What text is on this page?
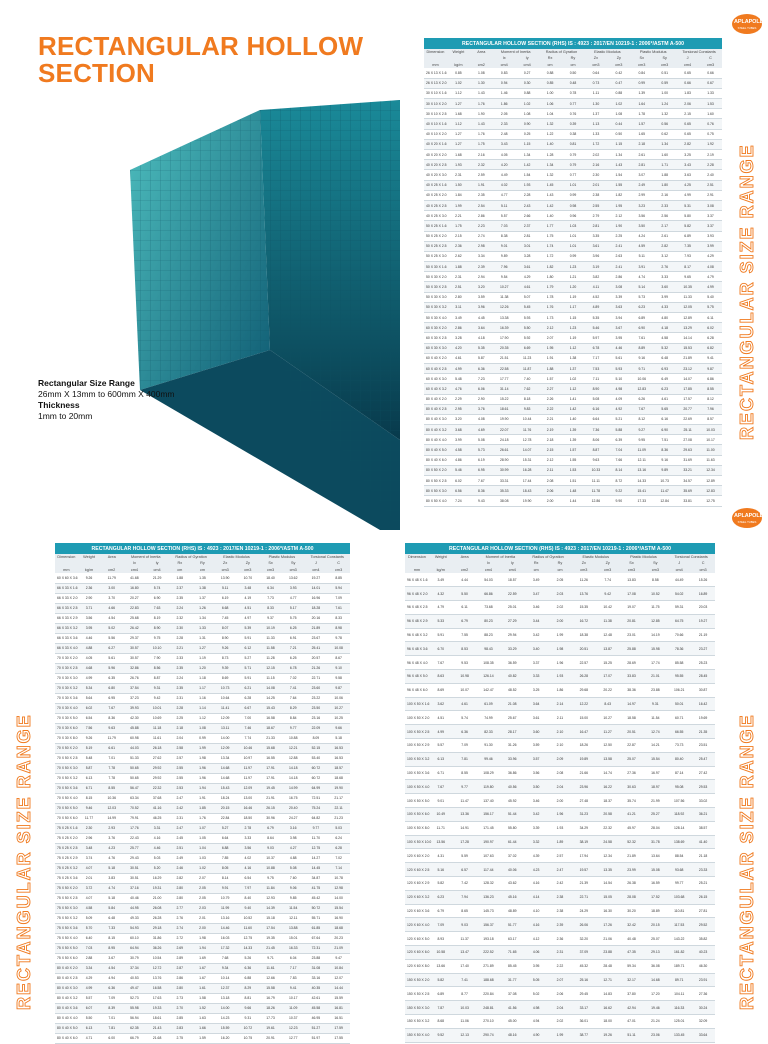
RECTANGULAR HOLLOW
SECTION
Rectangular Size Range
26mm X 13mm to 600mm X 400mm
Thickness
1mm to 20mm
APLAPOLLO
STEEL TUBES
APLAPOLLO
STEEL TUBES
RECTANGULAR SIZE RANGE
RECTANGULAR SIZE RANGE	RECTANGULAR SIZE RANGE
RECTANGULAR HOLLOW SECTION (RHS) IS : 4923 : 2017/EN 10219-1 : 2006*/ASTM A-500												
Dimension	Weight	Area	Moment of Inertia		Radius of Gyration		Elastic Modulus		Plastic Modulus		Torsional Constants	
			Ix	Iy	Rx	Ry	Zx	Zy	Sx	Sy	J	C
mm	kg/m	cm2	cm4	cm4	cm	cm	cm3	cm3	cm3	cm3	cm4	cm3
26 X 13 X 1.6	0.85	1.08	0.83	0.27	0.88	0.50	0.64	0.42	0.84	0.51	0.65	0.66
26 X 13 X 2.0	1.02	1.30	0.94	0.30	0.85	0.48	0.73	0.47	0.99	0.59	0.66	0.67
30 X 10 X 1.6	1.12	1.43	1.46	0.88	1.00	0.78	1.11	0.88	1.39	1.00	1.83	1.33
30 X 10 X 2.0	1.27	1.76	1.86	1.02	1.06	0.77	1.30	1.02	1.64	1.24	2.06	1.53
30 X 10 X 2.5	1.68	1.90	2.05	1.08	1.04	0.76	1.37	1.08	1.78	1.32	2.15	1.60
40 X 10 X 1.6	1.12	1.43	2.33	0.90	1.32	0.39	1.13	0.44	1.57	0.56	0.65	0.76
40 X 10 X 2.0	1.27	1.76	2.48	0.25	1.22	0.38	1.33	0.50	1.65	0.62	0.65	0.75
40 X 20 X 1.6	1.27	1.75	3.43	1.15	1.40	0.81	1.72	1.15	2.18	1.34	2.82	1.92
40 X 20 X 2.0	1.68	2.16	4.05	1.34	1.28	0.79	2.02	1.34	2.61	1.60	3.25	2.19
40 X 20 X 2.5	1.93	2.32	4.20	1.42	1.34	0.79	2.16	1.43	2.81	1.71	3.43	2.28
40 X 20 X 3.0	2.31	2.59	4.49	1.54	1.32	0.77	2.30	1.54	3.07	1.88	3.63	2.40
40 X 25 X 1.6	1.50	1.91	4.02	1.93	1.45	1.01	2.01	1.55	2.49	1.80	4.25	2.51
40 X 25 X 2.0	1.84	2.35	4.77	2.28	1.43	0.99	2.38	1.82	2.99	2.16	4.99	2.91
40 X 25 X 2.5	1.99	2.54	5.11	2.43	1.42	0.98	2.55	1.95	3.23	2.33	5.31	3.08
40 X 25 X 3.0	2.21	2.86	5.57	2.66	1.40	0.96	2.79	2.12	3.56	2.56	5.80	3.37
50 X 25 X 1.6	1.75	2.23	7.03	2.37	1.77	1.03	2.81	1.90	3.50	2.17	5.82	3.37
50 X 25 X 2.0	2.15	2.74	8.38	2.81	1.75	1.01	3.35	2.25	4.24	2.61	6.89	3.93
50 X 25 X 2.5	2.36	2.98	9.01	3.01	1.74	1.01	3.61	2.41	4.59	2.82	7.35	3.99
50 X 25 X 3.0	2.62	3.34	9.89	3.28	1.72	0.99	3.96	2.63	5.11	3.12	7.93	4.29
50 X 30 X 1.6	1.88	2.39	7.96	3.61	1.82	1.23	3.19	2.41	3.91	2.76	8.17	4.08
50 X 30 X 2.0	2.31	2.94	9.54	4.29	1.80	1.21	3.82	2.86	4.74	3.33	9.65	4.79
50 X 30 X 2.5	2.51	3.20	10.27	4.61	1.79	1.20	4.11	3.08	5.14	3.60	10.35	4.99
50 X 30 X 3.0	2.80	3.59	11.38	5.07	1.78	1.19	4.52	3.39	5.73	3.99	11.33	5.40
50 X 30 X 3.2	3.11	3.96	12.26	5.45	1.76	1.17	4.89	3.63	6.23	4.33	12.05	5.75
50 X 30 X 4.0	3.49	4.45	13.38	5.93	1.73	1.15	5.35	3.94	6.89	4.80	12.89	6.11
60 X 30 X 2.0	2.86	3.64	16.39	5.50	2.12	1.23	5.46	3.67	6.90	4.18	13.29	6.02
60 X 30 X 2.5	3.28	4.18	17.90	5.92	2.07	1.19	5.97	3.95	7.61	4.58	14.14	6.28
60 X 30 X 3.0	4.20	5.35	20.35	6.69	1.95	1.12	6.78	4.46	8.89	5.32	15.53	6.82
60 X 40 X 2.0	4.61	5.87	21.51	11.23	1.91	1.38	7.17	5.61	9.16	6.48	21.89	9.41
60 X 40 X 2.5	4.99	6.36	22.58	11.87	1.88	1.37	7.53	5.93	9.71	6.93	23.12	9.87
60 X 40 X 3.0	5.48	7.23	17.77	7.40	1.57	1.02	7.11	5.10	10.06	6.49	14.07	6.86
60 X 40 X 3.2	4.76	6.06	31.14	7.62	2.27	1.12	8.90	4.98	12.83	6.23	17.85	8.55
80 X 40 X 2.0	2.29	2.90	15.22	8.18	2.26	1.41	5.08	4.09	6.26	4.61	17.57	8.12
80 X 40 X 2.5	2.95	3.76	18.61	9.83	2.22	1.42	6.16	4.92	7.67	5.65	20.77	7.96
80 X 40 X 3.0	3.20	4.08	19.90	10.44	2.21	1.40	6.64	5.21	8.12	6.16	22.69	8.57
80 X 40 X 3.2	3.68	4.69	22.07	11.76	2.19	1.39	7.36	5.88	9.27	6.90	25.11	10.03
80 X 40 X 4.0	3.99	5.08	24.18	12.78	2.18	1.39	8.06	6.39	9.95	7.51	27.08	10.17
80 X 40 X 5.0	4.58	5.73	26.61	14.07	2.15	1.57	8.87	7.04	11.09	8.36	29.63	11.00
80 X 40 X 6.0	4.86	6.19	28.90	15.31	2.12	1.55	9.63	7.66	12.11	9.16	31.69	11.63
80 X 50 X 2.0	5.46	6.95	30.99	16.28	2.11	1.53	10.33	8.14	13.16	9.89	33.21	12.34
80 X 50 X 2.5	6.02	7.67	33.31	17.44	2.08	1.51	11.11	8.72	14.33	10.73	34.57	12.89
80 X 50 X 3.0	6.56	8.36	35.33	18.43	2.06	1.48	11.78	9.22	15.41	11.47	35.69	12.83
80 X 50 X 4.0	7.24	9.43	38.08	19.90	2.00	1.44	12.86	9.90	17.33	12.84	33.81	12.75
RECTANGULAR HOLLOW SECTION (RHS) IS : 4923 : 2017/EN 10219-1 : 2006*/ASTM A-500												
Dimension	Weight	Area	Moment of Inertia		Radius of Gyration		Elastic Modulus		Plastic Modulus		Torsional Constants	
			Ix	Iy	Rx	Ry	Zx	Zy	Sx	Sy	J	C
mm	kg/m	cm2	cm4	cm4	cm	cm	cm3	cm3	cm3	cm3	cm4	cm3
60 X 60 X 3.6	9.26	11.79	41.68	21.29	1.88	1.35	13.90	10.70	18.40	13.62	19.27	8.85
66 X 33 X 1.6	2.36	3.00	16.80	5.74	2.37	1.38	5.11	3.48	6.34	3.93	14.01	5.94
66 X 33 X 2.0	2.90	3.70	20.27	6.90	2.35	1.37	6.19	4.19	7.73	4.77	16.96	7.09
66 X 33 X 2.5	3.71	4.66	22.83	7.63	2.24	1.26	6.68	4.51	8.33	5.17	18.28	7.61
66 X 33 X 2.9	3.56	4.54	25.68	8.19	2.32	1.34	7.45	4.97	9.37	5.75	20.16	8.33
66 X 33 X 3.2	3.95	5.02	26.42	8.90	2.30	1.33	8.07	5.39	10.19	6.25	21.89	8.98
66 X 33 X 3.6	4.46	5.56	29.37	9.75	2.28	1.31	8.90	5.91	11.33	6.91	23.67	9.78
66 X 33 X 4.0	4.88	6.27	30.57	10.10	2.21	1.27	9.26	6.12	11.58	7.21	25.41	10.08
70 X 30 X 2.0	4.05	5.61	30.57	7.90	2.33	1.19	8.73	5.27	11.28	6.25	20.57	8.67
70 X 30 X 2.5	4.68	5.96	32.86	8.56	2.35	1.20	9.39	5.71	12.15	6.78	21.26	9.10
70 X 30 X 3.0	4.99	6.35	26.76	8.87	2.24	1.18	8.69	5.91	11.15	7.02	22.71	9.58
70 X 30 X 3.2	5.34	6.80	37.54	9.31	2.35	1.17	10.73	6.21	14.08	7.41	23.60	9.87
70 X 30 X 3.6	5.64	6.95	37.23	9.42	2.31	1.16	10.64	6.28	14.25	7.64	23.22	10.06
70 X 30 X 4.0	6.02	7.67	39.93	10.01	2.28	1.14	11.41	6.67	15.43	8.29	23.50	10.27
70 X 30 X 5.0	6.54	8.36	42.30	10.69	2.25	1.12	12.09	7.00	16.58	8.84	23.16	10.25
70 X 30 X 6.0	7.56	9.63	45.88	11.18	2.18	1.08	13.11	7.46	18.67	9.77	22.09	9.66
70 X 30 X 8.0	9.26	11.79	60.98	11.61	2.04	0.99	14.00	7.74	21.33	10.88	8.09	5.18
70 X 50 X 2.0	5.19	6.61	44.03	26.18	2.58	1.99	12.09	10.46	15.68	12.21	52.15	16.53
70 X 50 X 2.5	5.48	7.01	51.33	27.62	2.57	1.98	13.34	10.97	16.55	12.88	53.40	16.53
70 X 50 X 3.0	5.87	7.78	50.65	29.92	2.55	1.96	14.68	11.97	17.91	14.18	60.72	18.57
70 X 50 X 3.2	6.13	7.78	50.65	29.92	2.55	1.96	14.68	11.97	17.91	14.18	60.72	18.68
70 X 50 X 3.6	6.71	8.55	56.47	22.32	2.53	1.94	15.43	12.09	19.45	14.99	64.99	19.90
70 X 50 X 4.0	8.15	10.36	63.34	37.68	2.47	1.91	18.24	13.00	21.91	16.75	72.51	21.17
70 X 50 X 5.0	9.46	12.03	70.52	41.16	2.42	1.85	20.15	16.46	26.15	20.40	75.24	22.11
70 X 50 X 6.0	11.77	14.99	79.91	46.25	2.31	1.76	22.84	18.50	30.96	24.27	64.82	21.23
75 X 25 X 1.6	2.30	2.93	17.76	3.31	2.47	1.07	5.27	2.78	6.79	3.16	9.77	5.03
75 X 25 X 2.0	2.96	3.76	22.43	4.16	2.45	1.05	6.64	3.33	8.64	3.98	11.70	6.24
75 X 25 X 2.5	3.48	4.23	25.77	4.46	2.51	1.04	6.88	3.56	9.03	4.27	12.75	6.28
75 X 25 X 2.9	3.74	4.76	29.43	5.03	2.49	1.03	7.85	4.02	10.37	4.88	14.27	7.02
75 X 25 X 3.2	4.07	5.18	30.51	5.20	2.46	1.02	8.05	4.16	10.88	5.08	14.45	7.14
75 X 25 X 3.6	2.01	3.83	30.51	16.29	2.82	2.07	8.14	6.54	9.75	7.60	34.87	10.78
75 X 50 X 2.0	3.72	4.74	37.16	19.31	2.80	2.05	9.91	7.97	11.84	9.06	41.75	12.98
75 X 50 X 2.5	4.07	5.18	40.46	21.00	2.80	2.05	10.79	8.40	12.93	9.85	45.42	14.00
75 X 50 X 3.0	4.58	5.84	44.95	26.08	2.77	2.03	11.99	9.40	14.39	11.54	50.72	15.54
75 X 50 X 3.2	5.09	6.48	49.33	26.28	2.76	2.01	13.16	10.52	15.18	12.11	55.71	16.90
75 X 50 X 3.6	5.70	7.33	54.93	29.18	2.74	2.00	14.46	11.60	17.54	13.88	61.85	18.68
75 X 50 X 4.0	6.40	8.15	60.10	31.86	2.72	1.98	16.03	12.75	19.35	15.01	67.64	20.23
75 X 50 X 5.0	7.03	8.95	64.94	36.26	2.69	1.94	17.32	14.33	21.45	16.33	72.31	21.09
75 X 50 X 6.0	2.88	3.67	30.79	10.54	2.89	1.69	7.68	5.26	9.71	6.04	23.88	9.47
80 X 40 X 2.0	3.34	4.54	37.34	12.72	2.87	1.67	9.34	6.36	11.61	7.17	31.08	10.84
80 X 40 X 2.5	4.29	4.94	40.53	13.76	2.86	1.67	10.14	6.88	12.66	7.83	33.16	12.07
80 X 40 X 3.0	4.99	6.36	49.47	16.58	2.80	1.61	12.37	8.29	15.58	9.41	40.35	14.44
80 X 40 X 3.2	5.57	7.09	52.73	17.63	2.73	1.58	13.18	8.81	16.79	10.17	42.61	15.59
80 X 40 X 3.6	6.07	8.39	55.98	19.33	2.70	1.52	14.00	9.66	18.26	11.09	45.58	16.81
80 X 40 X 4.0	5.50	7.01	56.94	18.61	2.85	1.63	14.23	9.31	17.73	10.37	46.95	16.51
80 X 40 X 5.0	6.13	7.81	62.35	21.43	2.83	1.66	15.59	10.72	19.61	12.23	51.27	17.59
80 X 40 X 6.0	4.71	6.00	66.79	21.68	2.75	1.59	16.20	10.75	20.91	12.77	51.97	17.55
RECTANGULAR HOLLOW SECTION (RHS) IS : 4923 : 2017/EN 10219-1 : 2006*/ASTM A-500												
Dimension	Weight	Area	Moment of Inertia		Radius of Gyration		Elastic Modulus		Plastic Modulus		Torsional Constants	
			Ix	Iy	Rx	Ry	Zx	Zy	Sx	Sy	J	C
mm	kg/m	cm2	cm4	cm4	cm	cm	cm3	cm3	cm3	cm3	cm4	cm3
96 X 48 X 1.6	3.49	4.44	54.03	18.57	3.49	2.05	11.26	7.74	13.83	8.58	44.49	15.26
96 X 48 X 2.0	4.32	5.50	66.86	22.59	3.47	2.03	13.76	9.42	17.08	10.52	54.02	16.89
96 X 48 X 2.5	4.79	6.11	73.68	25.01	3.46	2.02	15.35	10.42	19.07	11.75	59.31	20.03
96 X 48 X 2.9	5.33	6.79	80.23	27.29	3.44	2.00	16.72	11.38	20.81	12.85	64.75	19.27
96 X 48 X 3.2	5.91	7.55	88.23	29.94	3.42	1.99	18.38	12.48	23.01	14.19	70.66	21.19
96 X 48 X 3.6	6.70	8.53	98.43	33.29	3.40	1.98	20.51	13.87	25.88	15.98	78.36	23.27
96 X 48 X 4.0	7.67	9.53	108.35	36.59	3.37	1.96	22.57	15.25	28.69	17.74	85.58	25.23
96 X 48 X 5.0	8.63	10.98	126.14	40.82	3.33	1.93	26.28	17.07	33.83	21.01	95.55	28.45
96 X 48 X 6.0	8.69	10.07	142.47	48.52	3.25	1.86	29.68	20.22	38.36	23.88	106.21	30.87
100 X 50 X 1.6	3.62	4.61	61.09	21.08	3.64	2.14	12.22	8.43	14.97	9.31	50.01	16.42
100 X 50 X 2.0	4.51	5.74	74.99	25.67	3.61	2.11	15.00	10.27	18.58	11.54	60.71	19.69
100 X 50 X 2.5	4.99	6.36	82.33	28.17	3.60	2.10	16.47	11.27	20.51	12.74	66.55	21.35
100 X 50 X 2.9	5.57	7.09	91.30	31.26	3.59	2.10	18.26	12.50	22.87	14.21	73.73	23.51
100 X 50 X 3.2	6.13	7.81	99.46	33.96	3.57	2.09	19.89	13.58	25.07	15.54	80.40	25.47
100 X 50 X 3.6	6.71	8.55	108.29	36.86	3.56	2.08	21.66	14.74	27.36	16.97	87.14	27.42
100 X 50 X 4.0	7.67	9.77	119.80	40.56	3.50	2.04	23.96	16.22	30.63	18.97	95.08	29.53
100 X 50 X 5.0	9.01	11.47	137.40	45.92	3.46	2.00	27.48	18.37	35.74	21.99	107.56	33.02
100 X 50 X 6.0	10.49	13.36	156.17	51.44	3.42	1.96	31.23	20.58	41.21	25.27	118.92	36.21
100 X 50 X 8.0	11.71	14.91	171.45	55.80	3.39	1.93	34.29	22.32	45.97	28.04	128.14	38.57
100 X 50 X 10.0	13.56	17.28	190.97	61.44	3.32	1.89	38.19	24.58	52.32	31.78	138.69	41.40
120 X 60 X 2.0	4.31	5.59	107.63	37.02	4.39	2.57	17.94	12.34	21.89	13.64	88.54	21.18
120 X 60 X 2.5	5.16	6.57	117.44	40.06	4.23	2.47	19.57	13.35	23.99	15.08	93.68	23.33
120 X 60 X 2.9	5.82	7.42	128.32	43.62	4.16	2.42	21.39	14.54	26.38	16.59	99.77	25.21
120 X 60 X 3.2	6.23	7.94	136.23	45.16	4.14	2.38	22.71	15.05	28.08	17.52	103.68	26.15
120 X 60 X 3.6	6.79	8.65	145.73	48.89	4.10	2.38	24.29	16.30	30.20	18.89	110.81	27.81
120 X 60 X 4.0	7.09	9.03	156.37	51.77	4.16	2.39	26.06	17.26	32.42	20.15	117.53	29.52
120 X 60 X 5.0	8.93	11.37	193.18	63.17	4.12	2.36	32.20	21.06	40.48	25.07	143.22	35.82
120 X 60 X 6.0	10.58	13.47	222.52	71.65	4.06	2.31	37.09	23.88	47.35	29.13	161.82	40.23
120 X 60 X 8.0	13.66	17.40	271.89	85.45	3.95	2.22	45.32	28.48	59.34	36.08	189.71	46.30
150 X 50 X 2.0	5.82	7.41	188.68	31.77	5.05	2.07	25.16	12.71	32.17	14.68	89.71	23.91
150 X 50 X 2.5	6.89	8.77	220.84	37.08	5.02	2.06	29.45	14.83	37.80	17.20	104.11	27.36
150 X 50 X 3.0	7.87	10.03	248.81	41.56	4.98	2.04	33.17	16.62	42.94	19.46	116.33	30.24
150 X 50 X 3.2	8.68	11.06	270.10	45.00	4.94	2.02	36.01	18.00	47.01	21.24	125.01	32.09
150 X 50 X 4.0	9.52	12.13	290.74	48.16	4.90	1.99	38.77	19.26	51.11	23.06	133.45	33.64
